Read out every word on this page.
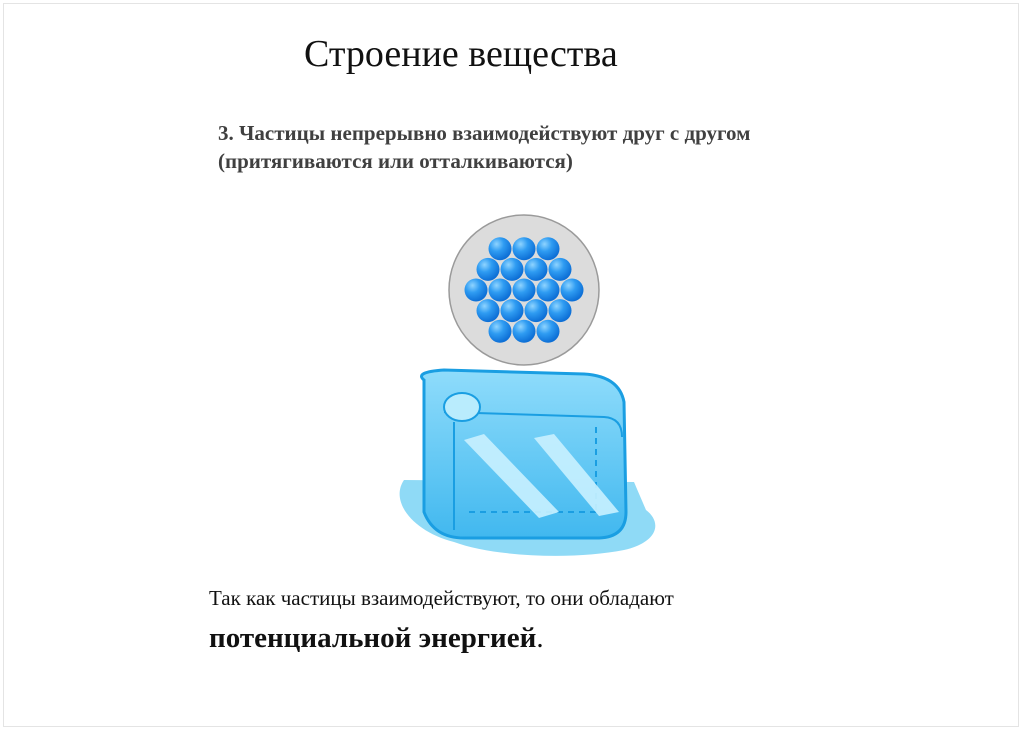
Строение вещества
3. Частицы непрерывно взаимодействуют друг с другом (притягиваются или отталкиваются)
Так как частицы взаимодействуют, то они обладают
потенциальной энергией.
